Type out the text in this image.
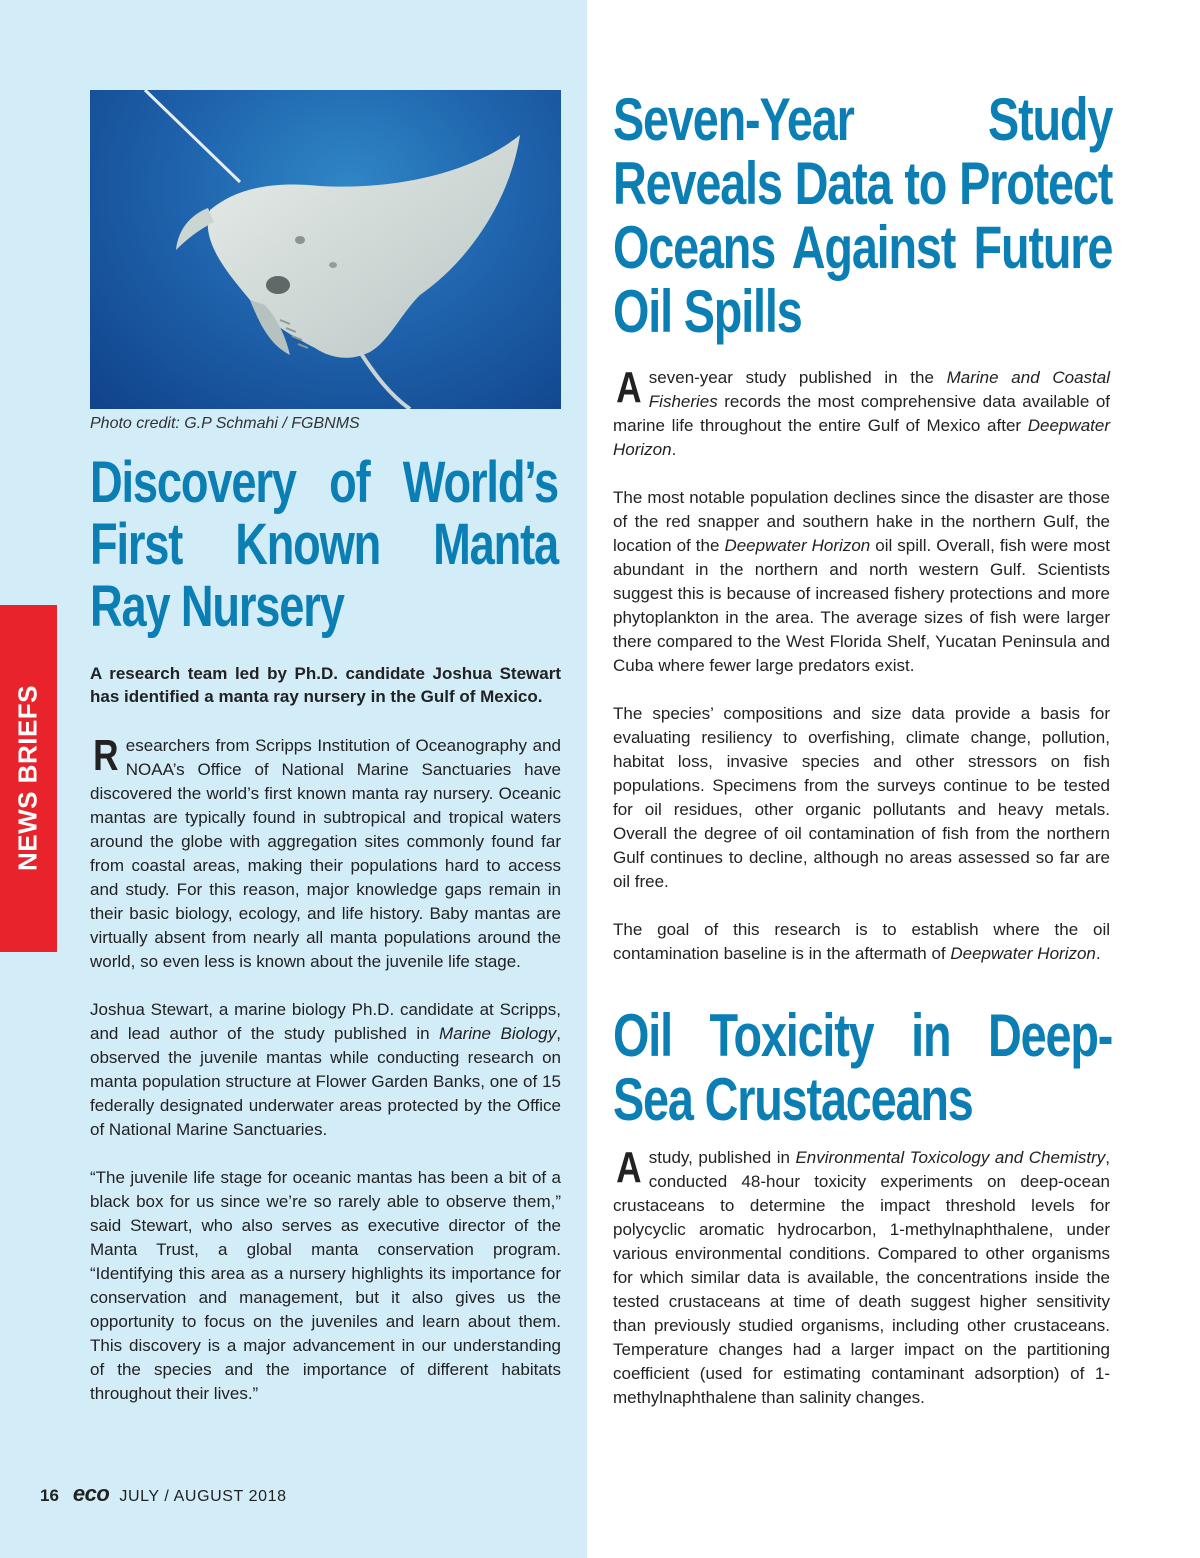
NEWS BRIEFS
Photo credit: G.P Schmahi / FGBNMS
Discovery of World’s First Known Manta Ray Nursery
A research team led by Ph.D. candidate Joshua Stewart has identified a manta ray nursery in the Gulf of Mexico.
Researchers from Scripps Institution of Oceanography and NOAA’s Office of National Marine Sanctuaries have discovered the world’s first known manta ray nursery. Oceanic mantas are typically found in subtropical and tropical waters around the globe with aggregation sites commonly found far from coastal areas, making their populations hard to access and study. For this reason, major knowledge gaps remain in their basic biology, ecology, and life history. Baby mantas are virtually absent from nearly all manta populations around the world, so even less is known about the juvenile life stage.
Joshua Stewart, a marine biology Ph.D. candidate at Scripps, and lead author of the study published in Marine Biology, observed the juvenile mantas while conducting research on manta population structure at Flower Garden Banks, one of 15 federally designated underwater areas protected by the Office of National Marine Sanctuaries.
“The juvenile life stage for oceanic mantas has been a bit of a black box for us since we’re so rarely able to observe them,” said Stewart, who also serves as executive director of the Manta Trust, a global manta conservation program. “Identifying this area as a nursery highlights its importance for conservation and management, but it also gives us the opportunity to focus on the juveniles and learn about them. This discovery is a major advancement in our understanding of the species and the importance of different habitats throughout their lives.”
Seven-Year Study Reveals Data to Protect Oceans Against Future Oil Spills
A seven-year study published in the Marine and Coastal Fisheries records the most comprehensive data available of marine life throughout the entire Gulf of Mexico after Deepwater Horizon.
The most notable population declines since the disaster are those of the red snapper and southern hake in the northern Gulf, the location of the Deepwater Horizon oil spill. Overall, fish were most abundant in the northern and north western Gulf. Scientists suggest this is because of increased fishery protections and more phytoplankton in the area. The average sizes of fish were larger there compared to the West Florida Shelf, Yucatan Peninsula and Cuba where fewer large predators exist.
The species’ compositions and size data provide a basis for evaluating resiliency to overfishing, climate change, pollution, habitat loss, invasive species and other stressors on fish populations. Specimens from the surveys continue to be tested for oil residues, other organic pollutants and heavy metals. Overall the degree of oil contamination of fish from the northern Gulf continues to decline, although no areas assessed so far are oil free.
The goal of this research is to establish where the oil contamination baseline is in the aftermath of Deepwater Horizon.
Oil Toxicity in Deep-Sea Crustaceans
A study, published in Environmental Toxicology and Chemistry, conducted 48-hour toxicity experiments on deep-ocean crustaceans to determine the impact threshold levels for polycyclic aromatic hydrocarbon, 1-methylnaphthalene, under various environmental conditions. Compared to other organisms for which similar data is available, the concentrations inside the tested crustaceans at time of death suggest higher sensitivity than previously studied organisms, including other crustaceans. Temperature changes had a larger impact on the partitioning coefficient (used for estimating contaminant adsorption) of 1-methylnaphthalene than salinity changes.
16 eco JULY / AUGUST 2018
